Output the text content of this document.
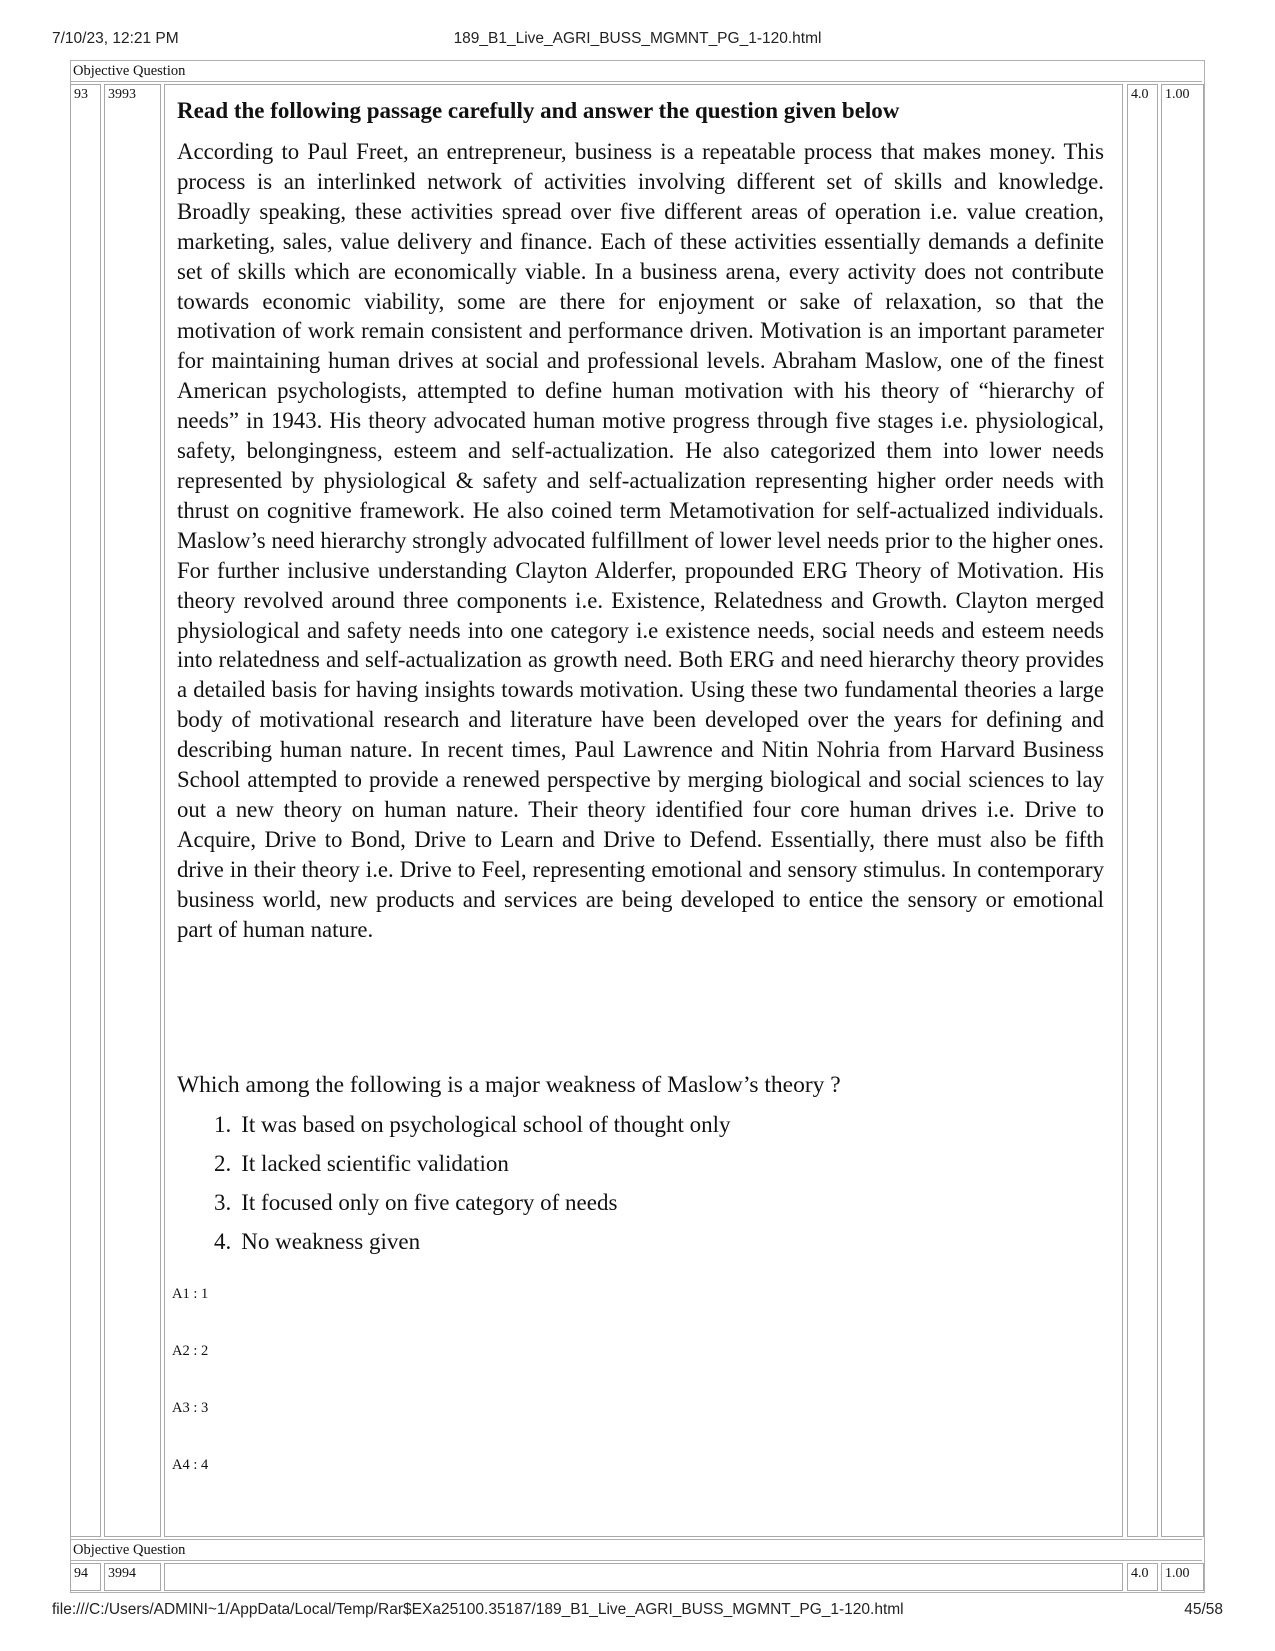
7/10/23, 12:21 PM	189_B1_Live_AGRI_BUSS_MGMNT_PG_1-120.html
Objective Question
93	3993	4.0	1.00
Read the following passage carefully and answer the question given below

According to Paul Freet, an entrepreneur, business is a repeatable process that makes money. This process is an interlinked network of activities involving different set of skills and knowledge. Broadly speaking, these activities spread over five different areas of operation i.e. value creation, marketing, sales, value delivery and finance. Each of these activities essentially demands a definite set of skills which are economically viable. In a business arena, every activity does not contribute towards economic viability, some are there for enjoyment or sake of relaxation, so that the motivation of work remain consistent and performance driven. Motivation is an important parameter for maintaining human drives at social and professional levels. Abraham Maslow, one of the finest American psychologists, attempted to define human motivation with his theory of “hierarchy of needs” in 1943. His theory advocated human motive progress through five stages i.e. physiological, safety, belongingness, esteem and self-actualization. He also categorized them into lower needs represented by physiological & safety and self-actualization representing higher order needs with thrust on cognitive framework. He also coined term Metamotivation for self-actualized individuals. Maslow’s need hierarchy strongly advocated fulfillment of lower level needs prior to the higher ones. For further inclusive understanding Clayton Alderfer, propounded ERG Theory of Motivation. His theory revolved around three components i.e. Existence, Relatedness and Growth. Clayton merged physiological and safety needs into one category i.e existence needs, social needs and esteem needs into relatedness and self-actualization as growth need. Both ERG and need hierarchy theory provides a detailed basis for having insights towards motivation. Using these two fundamental theories a large body of motivational research and literature have been developed over the years for defining and describing human nature. In recent times, Paul Lawrence and Nitin Nohria from Harvard Business School attempted to provide a renewed perspective by merging biological and social sciences to lay out a new theory on human nature. Their theory identified four core human drives i.e. Drive to Acquire, Drive to Bond, Drive to Learn and Drive to Defend. Essentially, there must also be fifth drive in their theory i.e. Drive to Feel, representing emotional and sensory stimulus. In contemporary business world, new products and services are being developed to entice the sensory or emotional part of human nature.

Which among the following is a major weakness of Maslow’s theory ?
1. It was based on psychological school of thought only
2. It lacked scientific validation
3. It focused only on five category of needs
4. No weakness given
A1 : 1
A2 : 2
A3 : 3
A4 : 4
Objective Question
94	3994	4.0	1.00
file:///C:/Users/ADMINI~1/AppData/Local/Temp/Rar$EXa25100.35187/189_B1_Live_AGRI_BUSS_MGMNT_PG_1-120.html	45/58
